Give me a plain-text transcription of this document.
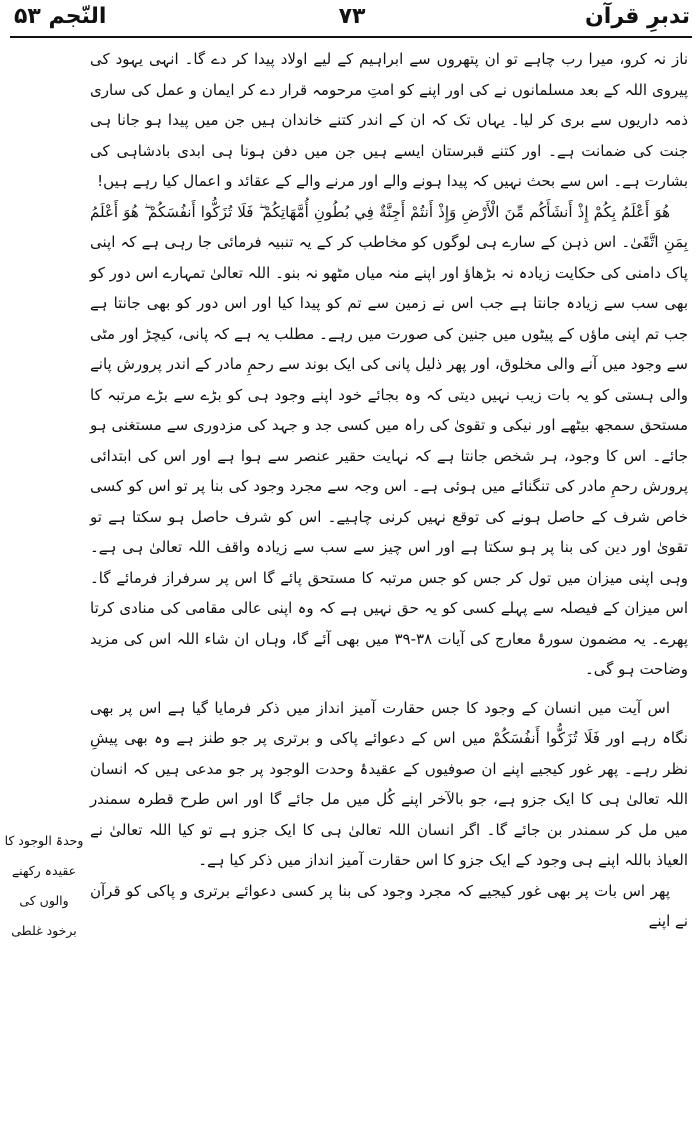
تدبرِ قرآن
۷۳
النّجم ۵۳

ناز نہ کرو، میرا رب چاہے تو ان پتھروں سے ابراہیم کے لیے اولاد پیدا کر دے گا۔ انہی یہود کی پیروی اللہ کے بعد مسلمانوں نے کی اور اپنے کو امتِ مرحومہ قرار دے کر ایمان و عمل کی ساری ذمہ داریوں سے بری کر لیا۔ یہاں تک کہ ان کے اندر کتنے خاندان ہیں جن میں پیدا ہو جانا ہی جنت کی ضمانت ہے۔ اور کتنے قبرستان ایسے ہیں جن میں دفن ہونا ہی ابدی بادشاہی کی بشارت ہے۔ اس سے بحث نہیں کہ پیدا ہونے والے اور مرنے والے کے عقائد و اعمال کیا رہے ہیں!

هُوَ أَعْلَمُ بِكُمْ إِذْ أَنشَأَكُم مِّنَ الْأَرْضِ وَإِذْ أَنتُمْ أَجِنَّةٌ فِي بُطُونِ أُمَّهَاتِكُمْ ۖ فَلَا تُزَكُّوا أَنفُسَكُمْ ۖ هُوَ أَعْلَمُ بِمَنِ اتَّقَىٰ۔ اس ذہن کے سارے ہی لوگوں کو مخاطب کر کے یہ تنبیہ فرمائی جا رہی ہے کہ اپنی پاک دامنی کی حکایت زیادہ نہ بڑھاؤ اور اپنے منہ میاں مٹھو نہ بنو۔ اللہ تعالیٰ تمہارے اس دور کو بھی سب سے زیادہ جانتا ہے جب اس نے زمین سے تم کو پیدا کیا اور اس دور کو بھی جانتا ہے جب تم اپنی ماؤں کے پیٹوں میں جنین کی صورت میں رہے۔ مطلب یہ ہے کہ پانی، کیچڑ اور مٹی سے وجود میں آنے والی مخلوق، اور پھر ذلیل پانی کی ایک بوند سے رحمِ مادر کے اندر پرورش پانے والی ہستی کو یہ بات زیب نہیں دیتی کہ وہ بجائے خود اپنے وجود ہی کو بڑے سے بڑے مرتبہ کا مستحق سمجھ بیٹھے اور نیکی و تقویٰ کی راہ میں کسی جد و جہد کی مزدوری سے مستغنی ہو جائے۔ اس کا وجود، ہر شخص جانتا ہے کہ نہایت حقیر عنصر سے ہوا ہے اور اس کی ابتدائی پرورش رحمِ مادر کی تنگنائے میں ہوئی ہے۔ اس وجہ سے مجرد وجود کی بنا پر تو اس کو کسی خاص شرف کے حاصل ہونے کی توقع نہیں کرنی چاہیے۔ اس کو شرف حاصل ہو سکتا ہے تو تقویٰ اور دین کی بنا پر ہو سکتا ہے اور اس چیز سے سب سے زیادہ واقف اللہ تعالیٰ ہی ہے۔ وہی اپنی میزان میں تول کر جس کو جس مرتبہ کا مستحق پائے گا اس پر سرفراز فرمائے گا۔ اس میزان کے فیصلہ سے پہلے کسی کو یہ حق نہیں ہے کہ وہ اپنی عالی مقامی کی منادی کرتا پھرے۔ یہ مضمون سورۂ معارج کی آیات ۳۸-۳۹ میں بھی آئے گا، وہاں ان شاء اللہ اس کی مزید وضاحت ہو گی۔

اس آیت میں انسان کے وجود کا جس حقارت آمیز انداز میں ذکر فرمایا گیا ہے اس پر بھی نگاہ رہے اور فَلَا تُزَكُّوا أَنفُسَكُمْ میں اس کے دعوائے پاکی و برتری پر جو طنز ہے وہ بھی پیشِ نظر رہے۔ پھر غور کیجیے اپنے ان صوفیوں کے عقیدۂ وحدت الوجود پر جو مدعی ہیں کہ انسان اللہ تعالیٰ ہی کا ایک جزو ہے، جو بالآخر اپنے کُل میں مل جائے گا اور اس طرح قطرہ سمندر میں مل کر سمندر بن جائے گا۔ اگر انسان اللہ تعالیٰ ہی کا ایک جزو ہے تو کیا اللہ تعالیٰ نے العیاذ باللہ اپنے ہی وجود کے ایک جزو کا اس حقارت آمیز انداز میں ذکر کیا ہے۔

پھر اس بات پر بھی غور کیجیے کہ مجرد وجود کی بنا پر کسی دعوائے برتری و پاکی کو قرآن نے اپنے

وحدۃ الوجود کا
عقیدہ رکھنے
والوں کی
برخود غلطی
